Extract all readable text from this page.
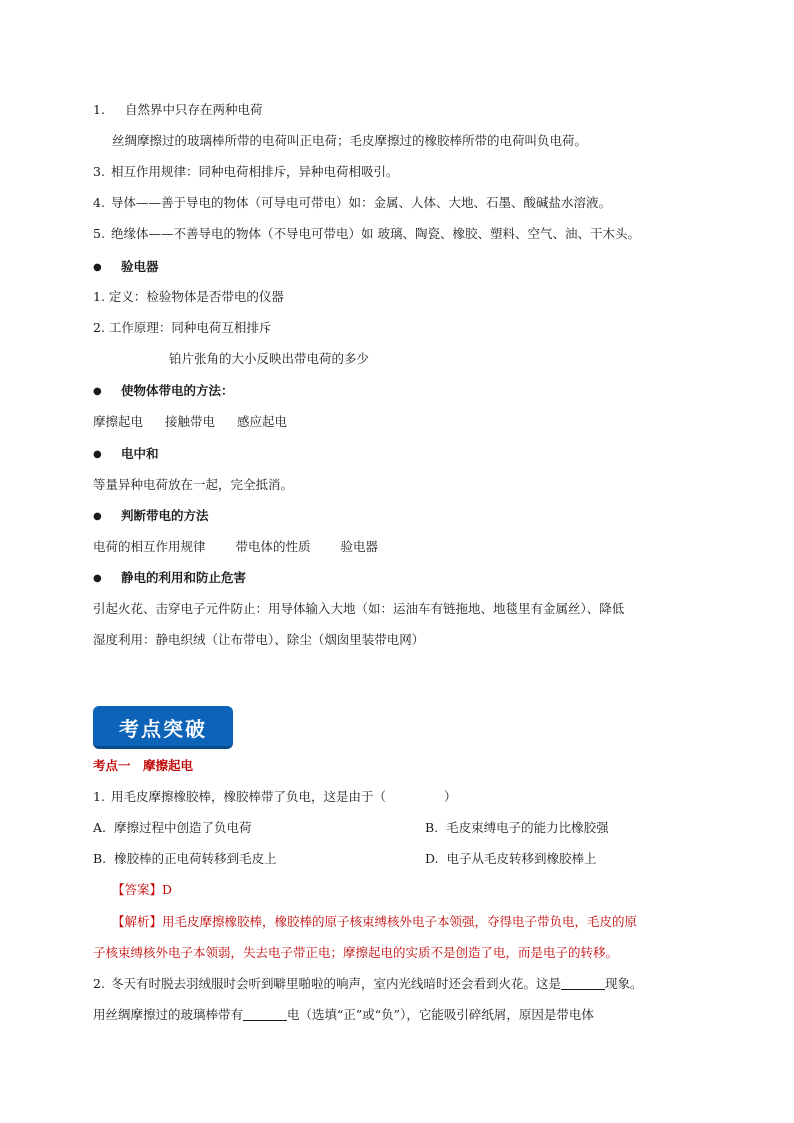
1. 自然界中只存在两种电荷
丝绸摩擦过的玻璃棒所带的电荷叫正电荷；毛皮摩擦过的橡胶棒所带的电荷叫负电荷。
3. 相互作用规律：同种电荷相排斥，异种电荷相吸引。
4. 导体——善于导电的物体（可导电可带电）如：金属、人体、大地、石墨、酸碱盐水溶液。
5. 绝缘体——不善导电的物体（不导电可带电）如 玻璃、陶瓷、橡胶、塑料、空气、油、干木头。
● 验电器
1. 定义：检验物体是否带电的仪器
2. 工作原理：同种电荷互相排斥
铂片张角的大小反映出带电荷的多少
● 使物体带电的方法：
摩擦起电 接触带电 感应起电
● 电中和
等量异种电荷放在一起，完全抵消。
● 判断带电的方法
电荷的相互作用规律 带电体的性质 验电器
● 静电的利用和防止危害
引起火花、击穿电子元件防止：用导体输入大地（如：运油车有链拖地、地毯里有金属丝）、降低
湿度利用：静电织绒（让布带电）、除尘（烟囱里装带电网）
考点突破
考点一　摩擦起电
1. 用毛皮摩擦橡胶棒，橡胶棒带了负电，这是由于（	）
A. 摩擦过程中创造了负电荷	B. 毛皮束缚电子的能力比橡胶强
B. 橡胶棒的正电荷转移到毛皮上	D. 电子从毛皮转移到橡胶棒上
【答案】D
【解析】用毛皮摩擦橡胶棒，橡胶棒的原子核束缚核外电子本领强，夺得电子带负电，毛皮的原
子核束缚核外电子本领弱，失去电子带正电；摩擦起电的实质不是创造了电，而是电子的转移。
2. 冬天有时脱去羽绒服时会听到噼里啪啦的响声，室内光线暗时还会看到火花。这是	现象。
用丝绸摩擦过的玻璃棒带有	电（选填“正”或“负”），它能吸引碎纸屑，原因是带电体
